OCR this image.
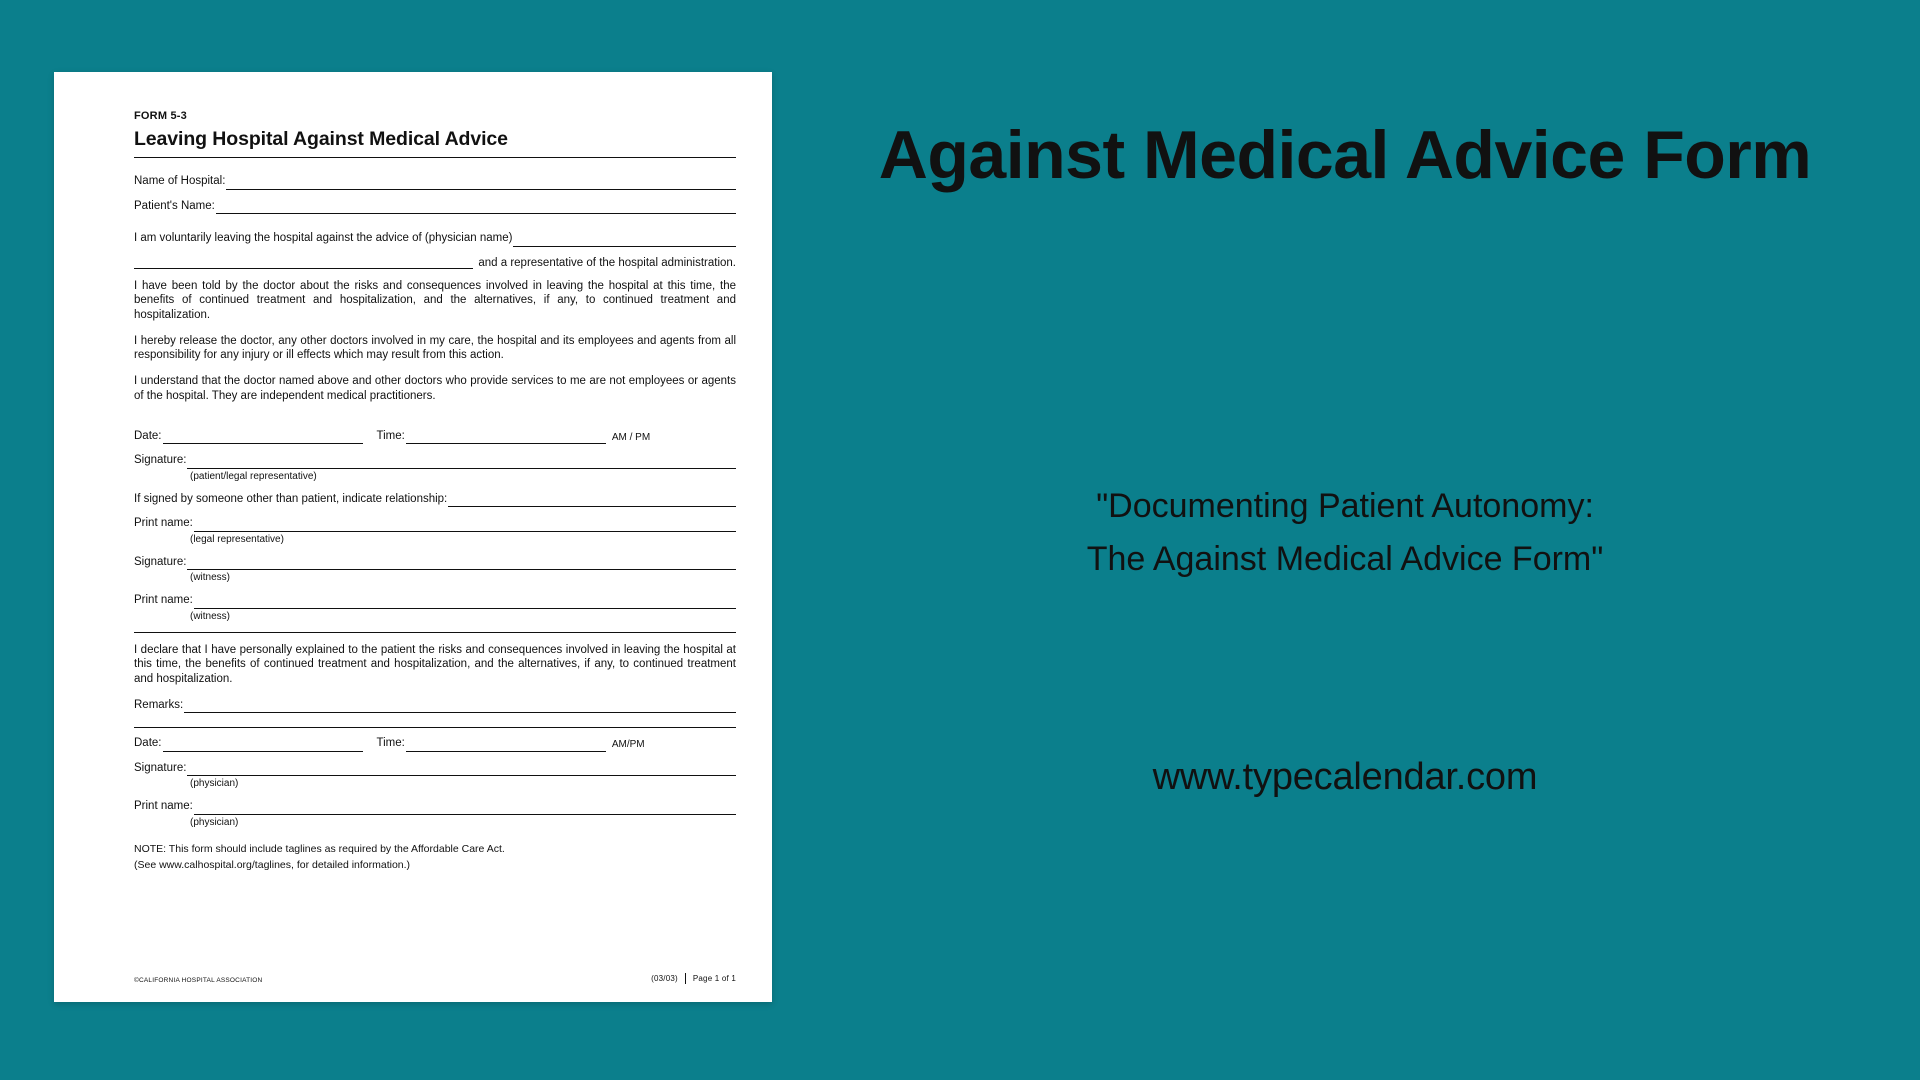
FORM 5-3
Leaving Hospital Against Medical Advice
Name of Hospital:
Patient's Name:
I am voluntarily leaving the hospital against the advice of (physician name)
and a representative of the hospital administration.

I have been told by the doctor about the risks and consequences involved in leaving the hospital at this time, the benefits of continued treatment and hospitalization, and the alternatives, if any, to continued treatment and hospitalization.

I hereby release the doctor, any other doctors involved in my care, the hospital and its employees and agents from all responsibility for any injury or ill effects which may result from this action.

I understand that the doctor named above and other doctors who provide services to me are not employees or agents of the hospital. They are independent medical practitioners.

Date:	Time:	AM / PM
Signature:
(patient/legal representative)
If signed by someone other than patient, indicate relationship:
Print name:
(legal representative)
Signature:
(witness)
Print name:
(witness)

I declare that I have personally explained to the patient the risks and consequences involved in leaving the hospital at this time, the benefits of continued treatment and hospitalization, and the alternatives, if any, to continued treatment and hospitalization.

Remarks:
Date:	Time:	AM/PM
Signature:
(physician)
Print name:
(physician)
NOTE: This form should include taglines as required by the Affordable Care Act.
(See www.calhospital.org/taglines, for detailed information.)
©CALIFORNIA HOSPITAL ASSOCIATION	(03/03) Page 1 of 1
Against Medical Advice Form
"Documenting Patient Autonomy:
The Against Medical Advice Form"
www.typecalendar.com
